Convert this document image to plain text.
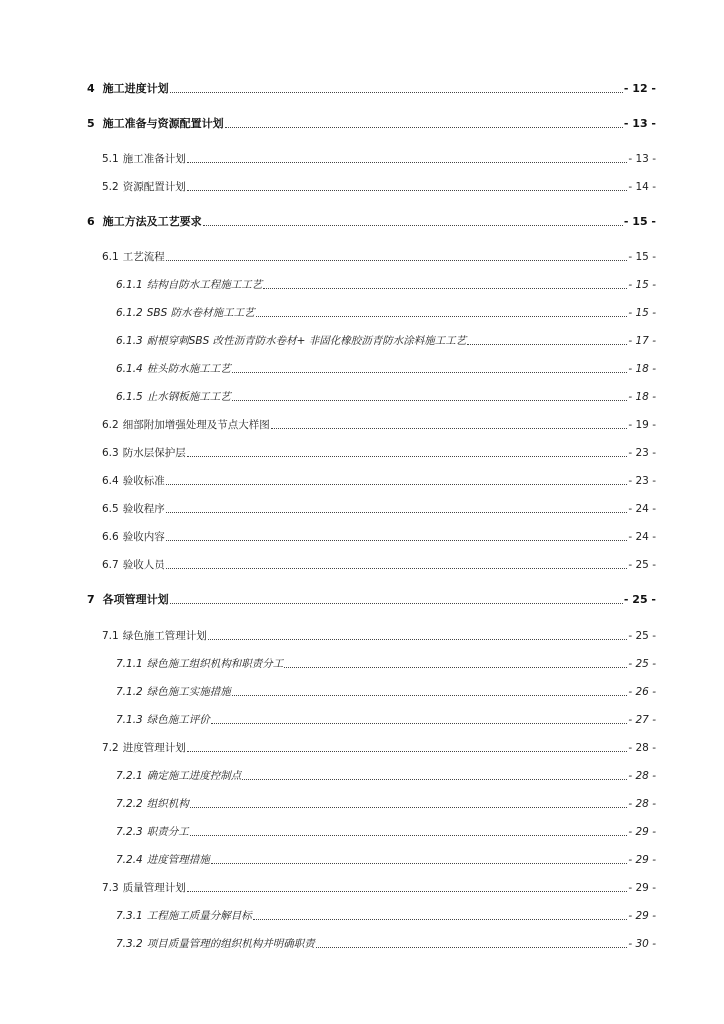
4 施工进度计划	- 12 -
5 施工准备与资源配置计划	- 13 -
5.1 施工准备计划	- 13 -
5.2 资源配置计划	- 14 -
6 施工方法及工艺要求	- 15 -
6.1 工艺流程	- 15 -
6.1.1 结构自防水工程施工工艺	- 15 -
6.1.2 SBS 防水卷材施工工艺	- 15 -
6.1.3 耐根穿刺SBS 改性沥青防水卷材+ 非固化橡胶沥青防水涂料施工工艺	- 17 -
6.1.4 桩头防水施工工艺	- 18 -
6.1.5 止水钢板施工工艺	- 18 -
6.2 细部附加增强处理及节点大样图	- 19 -
6.3 防水层保护层	- 23 -
6.4 验收标准	- 23 -
6.5 验收程序	- 24 -
6.6 验收内容	- 24 -
6.7 验收人员	- 25 -
7 各项管理计划	- 25 -
7.1 绿色施工管理计划	- 25 -
7.1.1 绿色施工组织机构和职责分工	- 25 -
7.1.2 绿色施工实施措施	- 26 -
7.1.3 绿色施工评价	- 27 -
7.2 进度管理计划	- 28 -
7.2.1 确定施工进度控制点	- 28 -
7.2.2 组织机构	- 28 -
7.2.3 职责分工	- 29 -
7.2.4 进度管理措施	- 29 -
7.3 质量管理计划	- 29 -
7.3.1 工程施工质量分解目标	- 29 -
7.3.2 项目质量管理的组织机构并明确职责	- 30 -
